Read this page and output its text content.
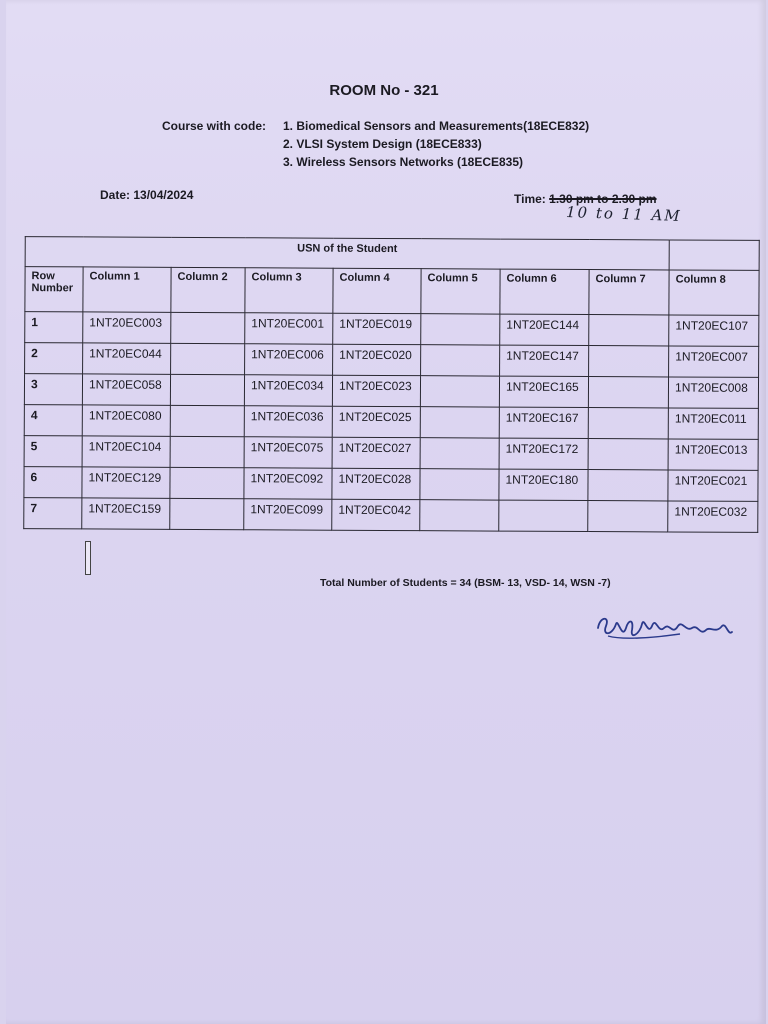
ROOM No - 321
Course with code: 1. Biomedical Sensors and Measurements(18ECE832)
2. VLSI System Design (18ECE833)
3. Wireless Sensors Networks (18ECE835)
Date: 13/04/2024	Time: 1.30 pm to 2.30 pm
10 to 11 AM
USN of the Student								
Row Number	Column 1	Column 2	Column 3	Column 4	Column 5	Column 6	Column 7	Column 8
1	1NT20EC003		1NT20EC001	1NT20EC019		1NT20EC144		1NT20EC107
2	1NT20EC044		1NT20EC006	1NT20EC020		1NT20EC147		1NT20EC007
3	1NT20EC058		1NT20EC034	1NT20EC023		1NT20EC165		1NT20EC008
4	1NT20EC080		1NT20EC036	1NT20EC025		1NT20EC167		1NT20EC011
5	1NT20EC104		1NT20EC075	1NT20EC027		1NT20EC172		1NT20EC013
6	1NT20EC129		1NT20EC092	1NT20EC028		1NT20EC180		1NT20EC021
7	1NT20EC159		1NT20EC099	1NT20EC042				1NT20EC032
Total Number of Students = 34 (BSM- 13, VSD- 14, WSN -7)
